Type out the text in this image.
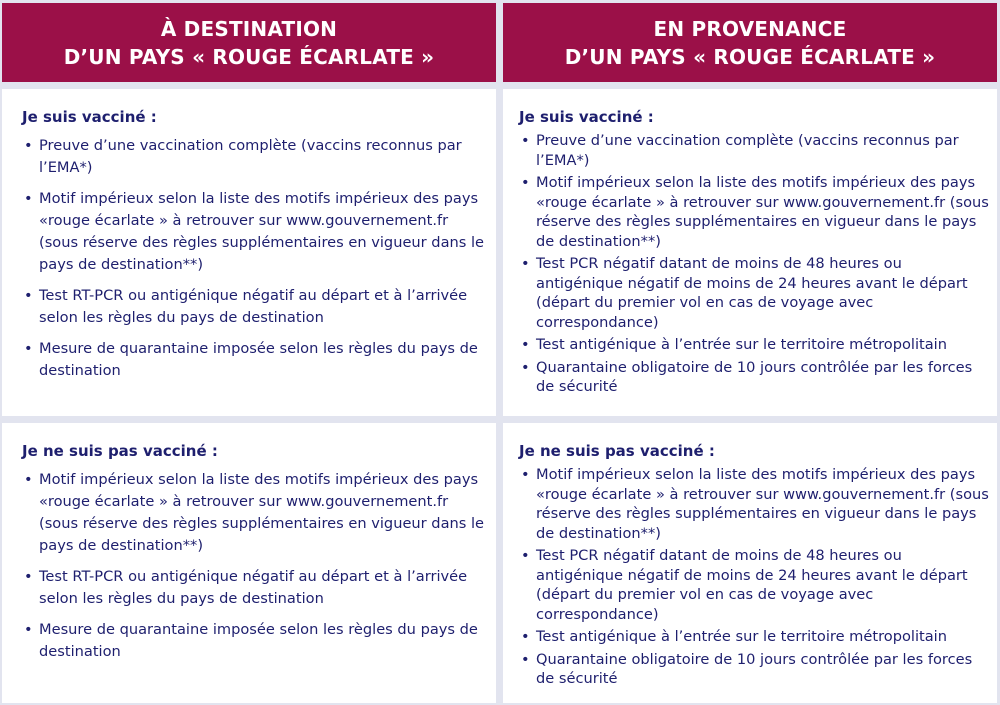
À DESTINATION
D’UN PAYS « ROUGE ÉCARLATE »
EN PROVENANCE
D’UN PAYS « ROUGE ÉCARLATE »
Je suis vacciné :
• Preuve d’une vaccination complète (vaccins reconnus par l’EMA*)
• Motif impérieux selon la liste des motifs impérieux des pays «rouge écarlate » à retrouver sur www.gouvernement.fr (sous réserve des règles supplémentaires en vigueur dans le pays de destination**)
• Test RT-PCR ou antigénique négatif au départ et à l’arrivée selon les règles du pays de destination
• Mesure de quarantaine imposée selon les règles du pays de destination
Je suis vacciné :
• Preuve d’une vaccination complète (vaccins reconnus par l’EMA*)
• Motif impérieux selon la liste des motifs impérieux des pays «rouge écarlate » à retrouver sur www.gouvernement.fr (sous réserve des règles supplémentaires en vigueur dans le pays de destination**)
• Test PCR négatif datant de moins de 48 heures ou antigénique négatif de moins de 24 heures avant le départ (départ du premier vol en cas de voyage avec correspondance)
• Test antigénique à l’entrée sur le territoire métropolitain
• Quarantaine obligatoire de 10 jours contrôlée par les forces de sécurité
Je ne suis pas vacciné :
• Motif impérieux selon la liste des motifs impérieux des pays «rouge écarlate » à retrouver sur www.gouvernement.fr (sous réserve des règles supplémentaires en vigueur dans le pays de destination**)
• Test RT-PCR ou antigénique négatif au départ et à l’arrivée selon les règles du pays de destination
• Mesure de quarantaine imposée selon les règles du pays de destination
Je ne suis pas vacciné :
• Motif impérieux selon la liste des motifs impérieux des pays «rouge écarlate » à retrouver sur www.gouvernement.fr (sous réserve des règles supplémentaires en vigueur dans le pays de destination**)
• Test PCR négatif datant de moins de 48 heures ou antigénique négatif de moins de 24 heures avant le départ (départ du premier vol en cas de voyage avec correspondance)
• Test antigénique à l’entrée sur le territoire métropolitain
• Quarantaine obligatoire de 10 jours contrôlée par les forces de sécurité
